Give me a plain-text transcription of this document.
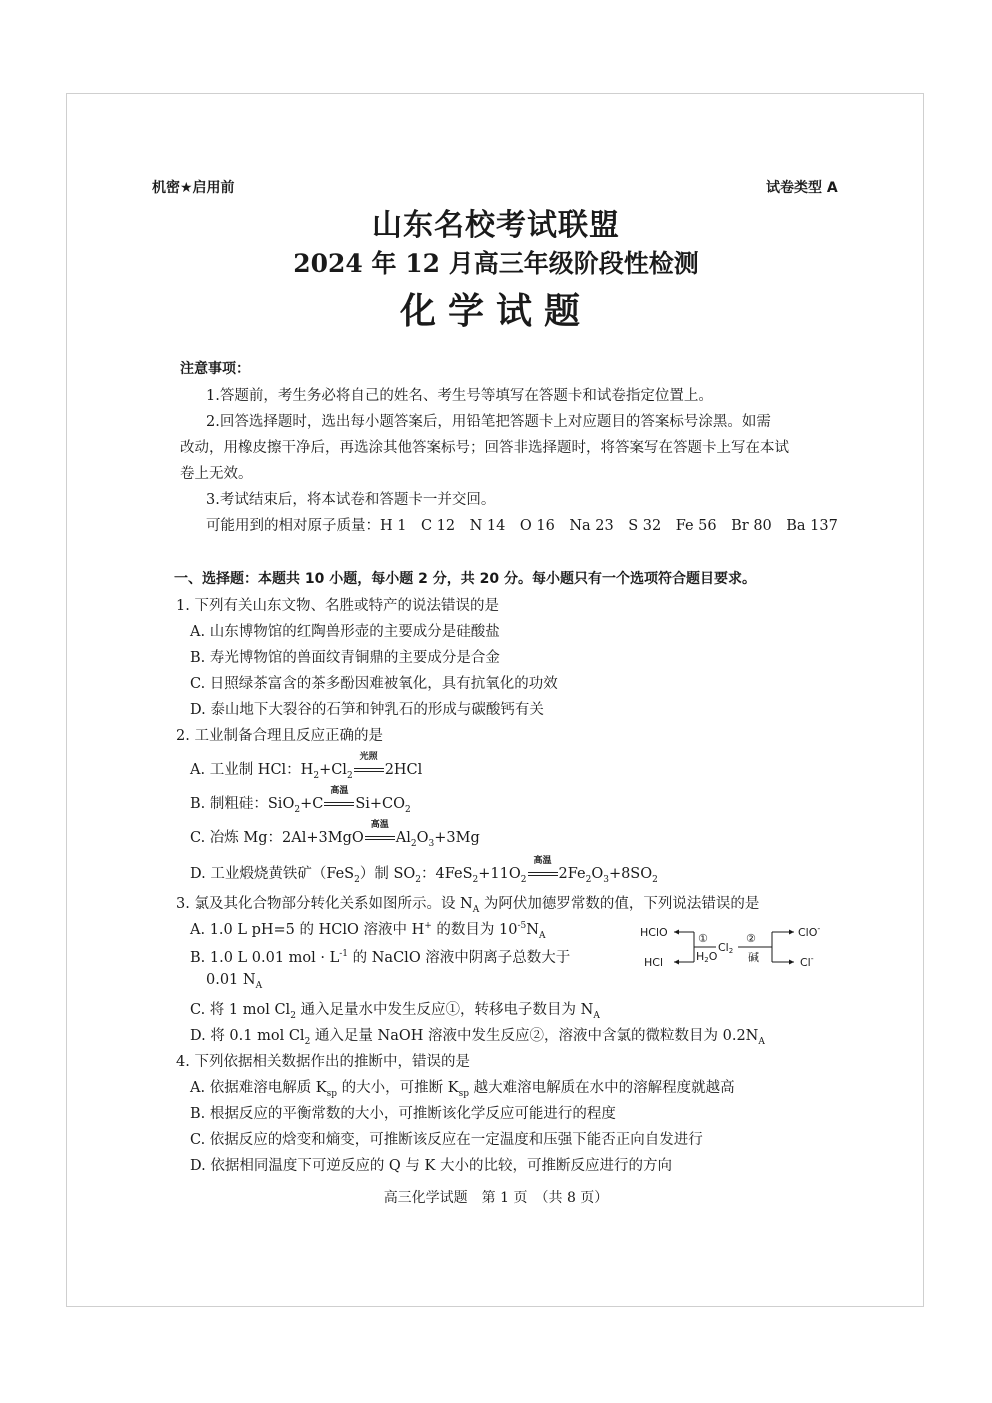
机密★启用前	试卷类型 A
山东名校考试联盟
2024 年 12 月高三年级阶段性检测
化学试题
注意事项：
1.答题前，考生务必将自己的姓名、考生号等填写在答题卡和试卷指定位置上。
2.回答选择题时，选出每小题答案后，用铅笔把答题卡上对应题目的答案标号涂黑。如需
改动，用橡皮擦干净后，再选涂其他答案标号；回答非选择题时，将答案写在答题卡上写在本试
卷上无效。
3.考试结束后，将本试卷和答题卡一并交回。
可能用到的相对原子质量：H 1　C 12　N 14　O 16　Na 23　S 32　Fe 56　Br 80　Ba 137
一、选择题：本题共 10 小题，每小题 2 分，共 20 分。每小题只有一个选项符合题目要求。
1. 下列有关山东文物、名胜或特产的说法错误的是
A. 山东博物馆的红陶兽形壶的主要成分是硅酸盐
B. 寿光博物馆的兽面纹青铜鼎的主要成分是合金
C. 日照绿茶富含的茶多酚因难被氧化，具有抗氧化的功效
D. 泰山地下大裂谷的石笋和钟乳石的形成与碳酸钙有关
2. 工业制备合理且反应正确的是
A. 工业制 HCl：$H_2+Cl_2$
光照
2HCl
B. 制粗硅：SiO$_2$+C
高温
$Si+CO_2$
C. 冶炼 Mg：2Al+3MgO
高温
$Al_2O_3+3Mg$
D. 工业煅烧黄铁矿（FeS$_2$）制 $SO_2$：$4FeS_2+11O_2$
高温
$2Fe_2O_3+8SO_2$
3. 氯及其化合物部分转化关系如图所示。设 $N_A$ 为阿伏加德罗常数的值，下列说法错误的是
A. 1.0 L pH=5 的 HClO 溶液中 H+ 的数目为 $10^{-5}N_A$
B. 1.0 L 0.01 mol · $L^{-1}$ 的 NaClO 溶液中阴离子总数大于
0.01 $N_A$
C. 将 1 mol $Cl_2$ 通入足量水中发生反应①，转移电子数目为 $N_A$
D. 将 0.1 mol $Cl_2$ 通入足量 NaOH 溶液中发生反应②，溶液中含氯的微粒数目为 $0.2N_A$
HClO
HCl
①
H2O
Cl2
②
碱
ClO-
Cl-
4. 下列依据相关数据作出的推断中，错误的是
A. 依据难溶电解质 $K_{sp}$ 的大小，可推断 $K_{sp}$ 越大难溶电解质在水中的溶解程度就越高
B. 根据反应的平衡常数的大小，可推断该化学反应可能进行的程度
C. 依据反应的焓变和熵变，可推断该反应在一定温度和压强下能否正向自发进行
D. 依据相同温度下可逆反应的 Q 与 K 大小的比较，可推断反应进行的方向
高三化学试题　第 1 页　（共 8 页）
